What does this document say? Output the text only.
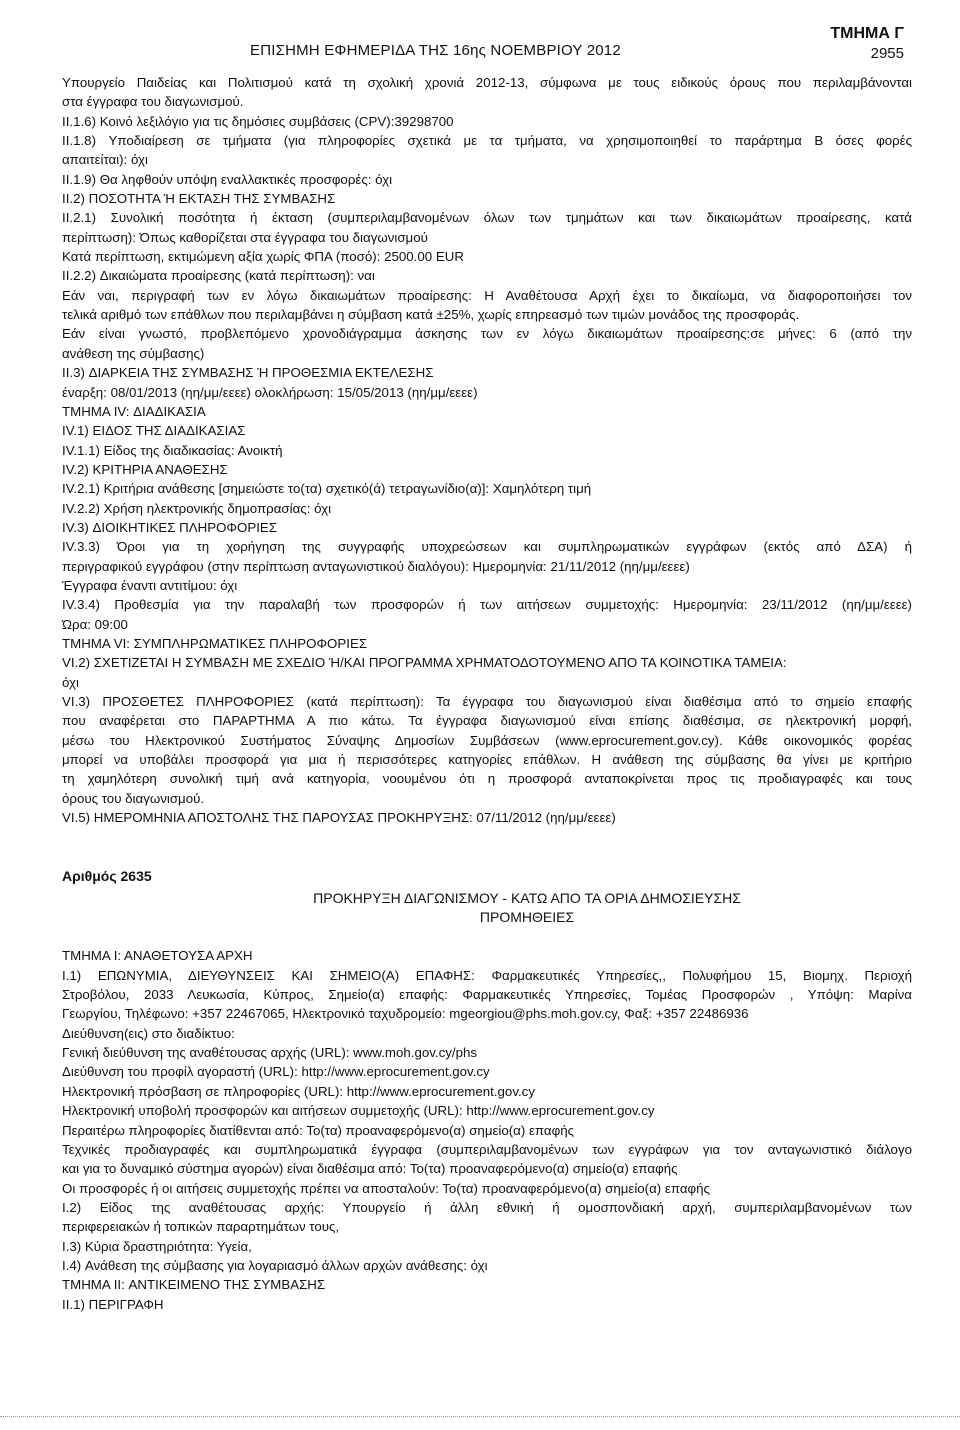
ΕΠΙΣΗΜΗ ΕΦΗΜΕΡΙΔΑ ΤΗΣ 16ης ΝΟΕΜΒΡΙΟΥ 2012
ΤΜΗΜΑ Γ
2955
Υπουργείο Παιδείας και Πολιτισμού κατά τη σχολική χρονιά 2012-13, σύμφωνα με τους ειδικούς όρους που περιλαμβάνονται
στα έγγραφα του διαγωνισμού.
II.1.6) Κοινό λεξιλόγιο για τις δημόσιες συμβάσεις (CPV):39298700
II.1.8) Υποδιαίρεση σε τμήματα (για πληροφορίες σχετικά με τα τμήματα, να χρησιμοποιηθεί το παράρτημα Β όσες φορές
απαιτείται): όχι
II.1.9) Θα ληφθούν υπόψη εναλλακτικές προσφορές: όχι
II.2) ΠΟΣΟΤΗΤΑ Ή ΕΚΤΑΣΗ ΤΗΣ ΣΥΜΒΑΣΗΣ
II.2.1) Συνολική ποσότητα ή έκταση (συμπεριλαμβανομένων όλων των τμημάτων και των δικαιωμάτων προαίρεσης, κατά
περίπτωση): Όπως καθορίζεται στα έγγραφα του διαγωνισμού
Κατά περίπτωση, εκτιμώμενη αξία χωρίς ΦΠΑ (ποσό): 2500.00 EUR
II.2.2) Δικαιώματα προαίρεσης (κατά περίπτωση): ναι
Εάν ναι, περιγραφή των εν λόγω δικαιωμάτων προαίρεσης: Η Αναθέτουσα Αρχή έχει το δικαίωμα, να διαφοροποιήσει τον
τελικά αριθμό των επάθλων που περιλαμβάνει η σύμβαση κατά ±25%, χωρίς επηρεασμό των τιμών μονάδος της προσφοράς.
Εάν είναι γνωστό, προβλεπόμενο χρονοδιάγραμμα άσκησης των εν λόγω δικαιωμάτων προαίρεσης:σε μήνες: 6 (από την
ανάθεση της σύμβασης)
II.3) ΔΙΑΡΚΕΙΑ ΤΗΣ ΣΥΜΒΑΣΗΣ Ή ΠΡΟΘΕΣΜΙΑ ΕΚΤΕΛΕΣΗΣ
έναρξη: 08/01/2013 (ηη/μμ/εεεε) ολοκλήρωση: 15/05/2013 (ηη/μμ/εεεε)
ΤΜΗΜΑ IV: ΔΙΑΔΙΚΑΣΙΑ
IV.1) ΕΙΔΟΣ ΤΗΣ ΔΙΑΔΙΚΑΣΙΑΣ
IV.1.1) Είδος της διαδικασίας: Ανοικτή
IV.2) ΚΡΙΤΗΡΙΑ ΑΝΑΘΕΣΗΣ
IV.2.1) Κριτήρια ανάθεσης [σημειώστε το(τα) σχετικό(ά) τετραγωνίδιο(α)]: Χαμηλότερη τιμή
IV.2.2) Χρήση ηλεκτρονικής δημοπρασίας: όχι
IV.3) ΔΙΟΙΚΗΤΙΚΕΣ ΠΛΗΡΟΦΟΡΙΕΣ
IV.3.3) Όροι για τη χορήγηση της συγγραφής υποχρεώσεων και συμπληρωματικών εγγράφων (εκτός από ΔΣΑ) ή
περιγραφικού εγγράφου (στην περίπτωση ανταγωνιστικού διαλόγου): Ημερομηνία: 21/11/2012 (ηη/μμ/εεεε)
Έγγραφα έναντι αντιτίμου: όχι
IV.3.4) Προθεσμία για την παραλαβή των προσφορών ή των αιτήσεων συμμετοχής: Ημερομηνία: 23/11/2012 (ηη/μμ/εεεε)
Ώρα: 09:00
ΤΜΗΜΑ VI: ΣΥΜΠΛΗΡΩΜΑΤΙΚΕΣ ΠΛΗΡΟΦΟΡΙΕΣ
VI.2) ΣΧΕΤΙΖΕΤΑΙ Η ΣΥΜΒΑΣΗ ΜΕ ΣΧΕΔΙΟ Ή/ΚΑΙ ΠΡΟΓΡΑΜΜΑ ΧΡΗΜΑΤΟΔΟΤΟΥΜΕΝΟ ΑΠΟ ΤΑ ΚΟΙΝΟΤΙΚΑ ΤΑΜΕΙΑ:
όχι
VI.3) ΠΡΟΣΘΕΤΕΣ ΠΛΗΡΟΦΟΡΙΕΣ (κατά περίπτωση): Τα έγγραφα του διαγωνισμού είναι διαθέσιμα από το σημείο επαφής
που αναφέρεται στο ΠΑΡΑΡΤΗΜΑ Α πιο κάτω. Τα έγγραφα διαγωνισμού είναι επίσης διαθέσιμα, σε ηλεκτρονική μορφή,
μέσω του Ηλεκτρονικού Συστήματος Σύναψης Δημοσίων Συμβάσεων (www.eprocurement.gov.cy). Κάθε οικονομικός φορέας
μπορεί να υποβάλει προσφορά για μια ή περισσότερες κατηγορίες επάθλων. Η ανάθεση της σύμβασης θα γίνει με κριτήριο
τη χαμηλότερη συνολική τιμή ανά κατηγορία, νοουμένου ότι η προσφορά ανταποκρίνεται προς τις προδιαγραφές και τους
όρους του διαγωνισμού.
VI.5) ΗΜΕΡΟΜΗΝΙΑ ΑΠΟΣΤΟΛΗΣ ΤΗΣ ΠΑΡΟΥΣΑΣ ΠΡΟΚΗΡΥΞΗΣ: 07/11/2012 (ηη/μμ/εεεε)
Αριθμός 2635
ΠΡΟΚΗΡΥΞΗ ΔΙΑΓΩΝΙΣΜΟΥ - ΚΑΤΩ ΑΠΟ ΤΑ ΟΡΙΑ ΔΗΜΟΣΙΕΥΣΗΣ
ΠΡΟΜΗΘΕΙΕΣ
ΤΜΗΜΑ Ι: ΑΝΑΘΕΤΟΥΣΑ ΑΡΧΗ
I.1) ΕΠΩΝΥΜΙΑ, ΔΙΕΥΘΥΝΣΕΙΣ ΚΑΙ ΣΗΜΕΙΟ(Α) ΕΠΑΦΗΣ: Φαρμακευτικές Υπηρεσίες,, Πολυφήμου 15, Βιομηχ. Περιοχή
Στροβόλου, 2033 Λευκωσία, Κύπρος, Σημείο(α) επαφής: Φαρμακευτικές Υπηρεσίες, Τομέας Προσφορών , Υπόψη: Μαρίνα
Γεωργίου, Τηλέφωνο: +357 22467065, Ηλεκτρονικό ταχυδρομείο: mgeorgiou@phs.moh.gov.cy, Φαξ: +357 22486936
Διεύθυνση(εις) στο διαδίκτυο:
Γενική διεύθυνση της αναθέτουσας αρχής (URL): www.moh.gov.cy/phs
Διεύθυνση του προφίλ αγοραστή (URL): http://www.eprocurement.gov.cy
Ηλεκτρονική πρόσβαση σε πληροφορίες (URL): http://www.eprocurement.gov.cy
Ηλεκτρονική υποβολή προσφορών και αιτήσεων συμμετοχής (URL): http://www.eprocurement.gov.cy
Περαιτέρω πληροφορίες διατίθενται από: Το(τα) προαναφερόμενο(α) σημείο(α) επαφής
Τεχνικές προδιαγραφές και συμπληρωματικά έγγραφα (συμπεριλαμβανομένων των εγγράφων για τον ανταγωνιστικό διάλογο
και για το δυναμικό σύστημα αγορών) είναι διαθέσιμα από: Το(τα) προαναφερόμενο(α) σημείο(α) επαφής
Οι προσφορές ή οι αιτήσεις συμμετοχής πρέπει να αποσταλούν: Το(τα) προαναφερόμενο(α) σημείο(α) επαφής
I.2) Είδος της αναθέτουσας αρχής: Υπουργείο ή άλλη εθνική ή ομοσπονδιακή αρχή, συμπεριλαμβανομένων των
περιφερειακών ή τοπικών παραρτημάτων τους,
I.3) Κύρια δραστηριότητα: Υγεία,
I.4) Ανάθεση της σύμβασης για λογαριασμό άλλων αρχών ανάθεσης: όχι
ΤΜΗΜΑ II: ΑΝΤΙΚΕΙΜΕΝΟ ΤΗΣ ΣΥΜΒΑΣΗΣ
II.1) ΠΕΡΙΓΡΑΦΗ
